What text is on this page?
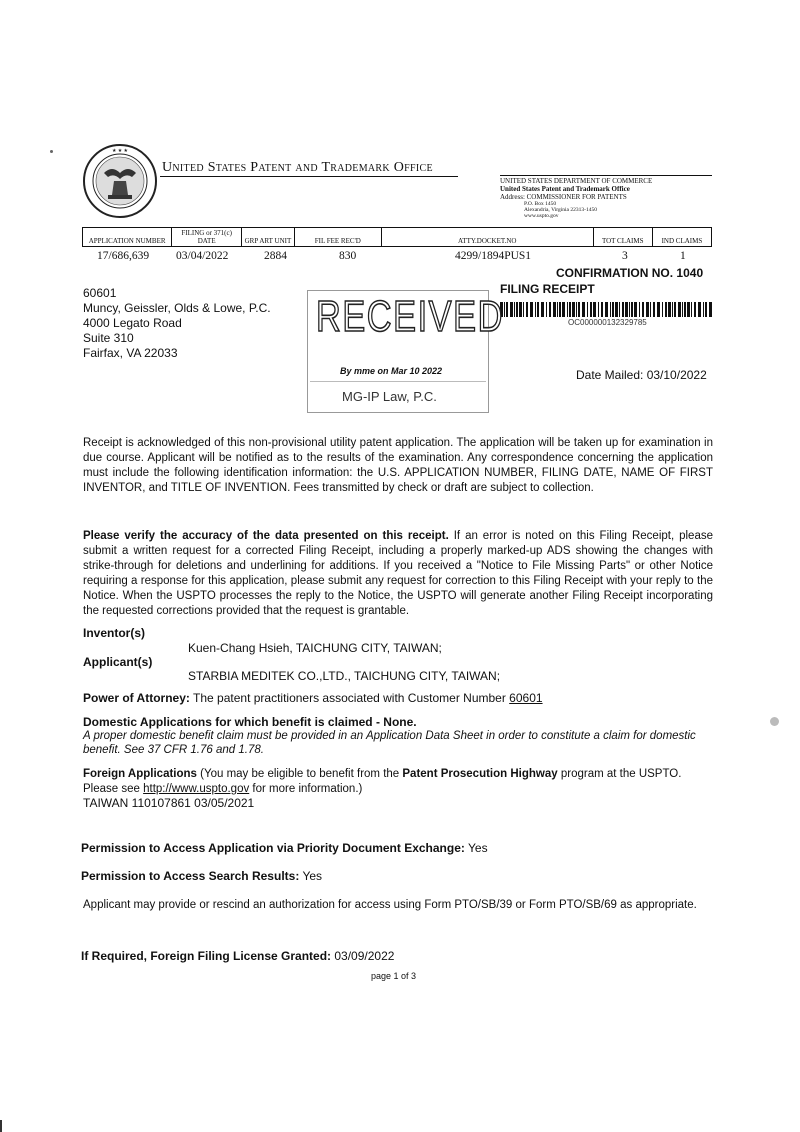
★ ★ ★
United States Patent and Trademark Office
UNITED STATES DEPARTMENT OF COMMERCE
United States Patent and Trademark Office
Address: COMMISSIONER FOR PATENTS
P.O. Box 1450
Alexandria, Virginia 22313-1450
www.uspto.gov
APPLICATION NUMBER	FILING or 371(c) DATE	GRP ART UNIT	FIL FEE REC'D	ATTY.DOCKET.NO	TOT CLAIMS	IND CLAIMS
17/686,639 03/04/2022	2884	830	4299/1894PUS1	3	1
CONFIRMATION NO. 1040
FILING RECEIPT
OC000000132329785
60601
Muncy, Geissler, Olds & Lowe, P.C.
4000 Legato Road
Suite 310
Fairfax, VA 22033
RECEIVED
By mme on Mar 10 2022
MG-IP Law, P.C.
Date Mailed: 03/10/2022
Receipt is acknowledged of this non-provisional utility patent application. The application will be taken up for examination in due course. Applicant will be notified as to the results of the examination. Any correspondence concerning the application must include the following identification information: the U.S. APPLICATION NUMBER, FILING DATE, NAME OF FIRST INVENTOR, and TITLE OF INVENTION. Fees transmitted by check or draft are subject to collection.
Please verify the accuracy of the data presented on this receipt. If an error is noted on this Filing Receipt, please submit a written request for a corrected Filing Receipt, including a properly marked-up ADS showing the changes with strike-through for deletions and underlining for additions. If you received a "Notice to File Missing Parts" or other Notice requiring a response for this application, please submit any request for correction to this Filing Receipt with your reply to the Notice. When the USPTO processes the reply to the Notice, the USPTO will generate another Filing Receipt incorporating the requested corrections provided that the request is grantable.
Inventor(s)
Kuen-Chang Hsieh, TAICHUNG CITY, TAIWAN;
Applicant(s)
STARBIA MEDITEK CO.,LTD., TAICHUNG CITY, TAIWAN;
Power of Attorney: The patent practitioners associated with Customer Number 60601
Domestic Applications for which benefit is claimed - None.
A proper domestic benefit claim must be provided in an Application Data Sheet in order to constitute a claim for domestic benefit. See 37 CFR 1.76 and 1.78.
Foreign Applications (You may be eligible to benefit from the Patent Prosecution Highway program at the USPTO. Please see http://www.uspto.gov for more information.)
TAIWAN 110107861 03/05/2021
Permission to Access Application via Priority Document Exchange: Yes
Permission to Access Search Results: Yes
Applicant may provide or rescind an authorization for access using Form PTO/SB/39 or Form PTO/SB/69 as appropriate.
If Required, Foreign Filing License Granted: 03/09/2022
page 1 of 3
